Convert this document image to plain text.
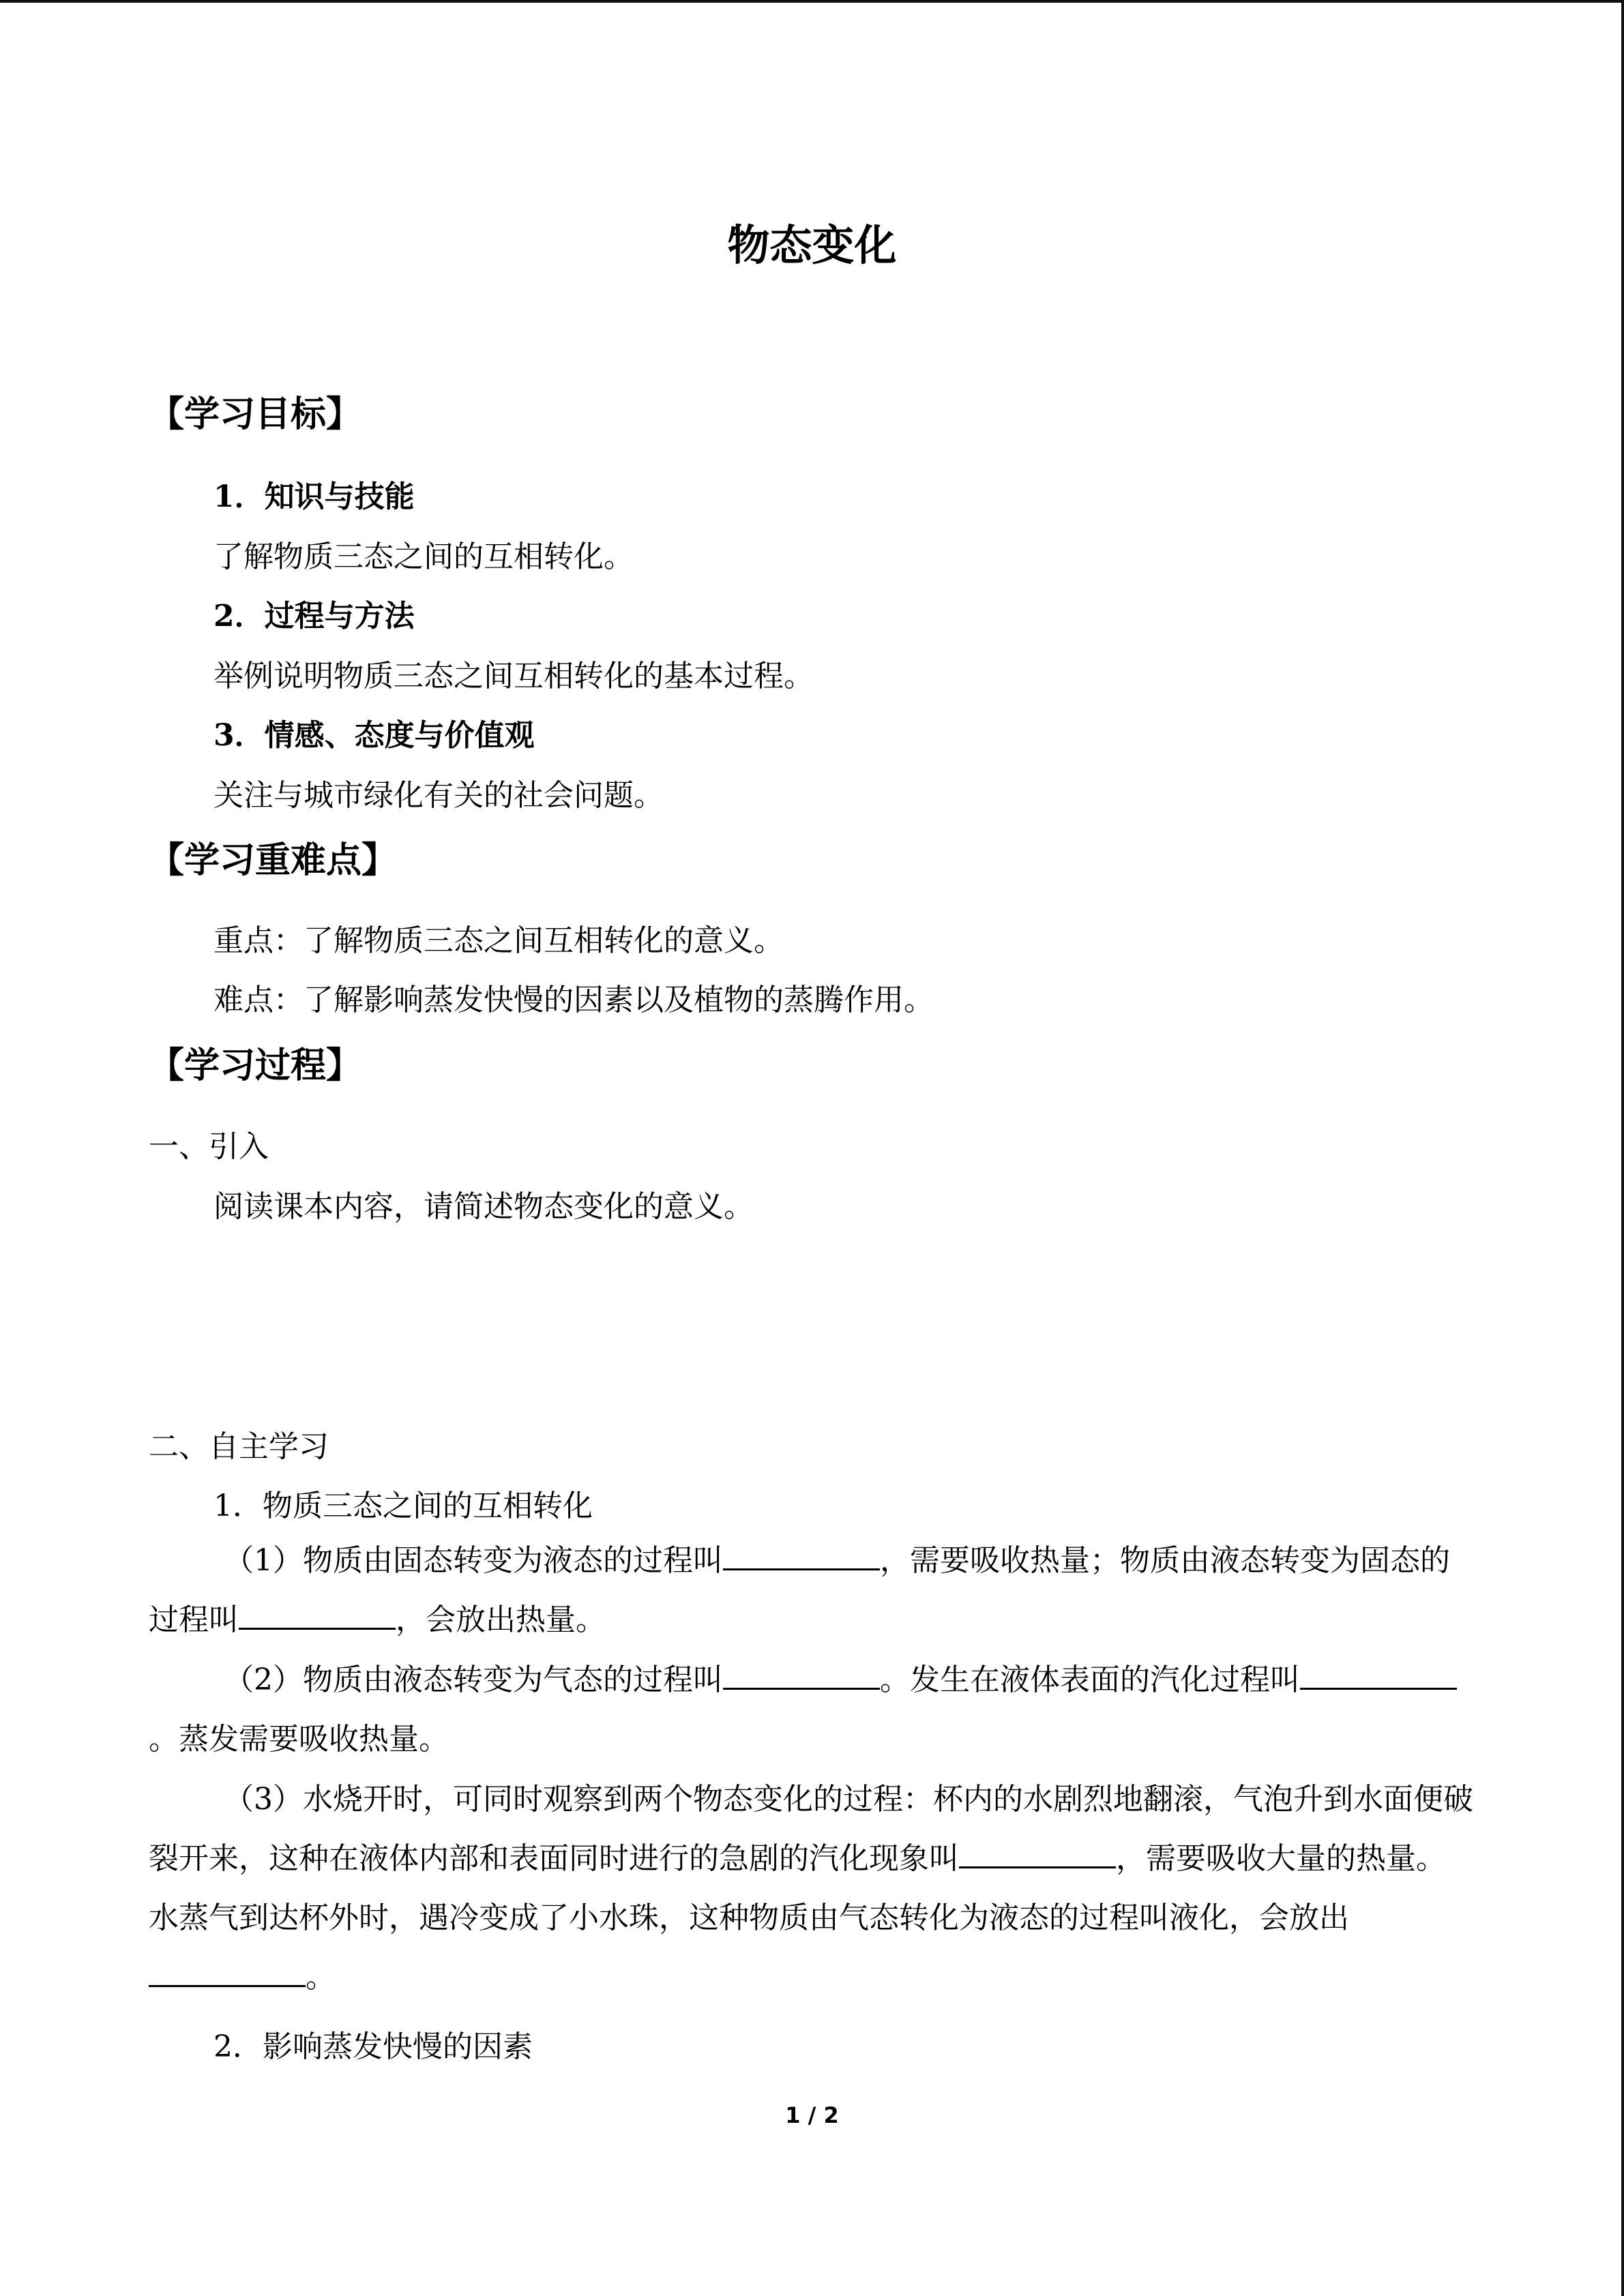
物态变化
【学习目标】
1．知识与技能
了解物质三态之间的互相转化。
2．过程与方法
举例说明物质三态之间互相转化的基本过程。
3．情感、态度与价值观
关注与城市绿化有关的社会问题。
【学习重难点】
重点：了解物质三态之间互相转化的意义。
难点：了解影响蒸发快慢的因素以及植物的蒸腾作用。
【学习过程】
一、引入
阅读课本内容，请简述物态变化的意义。
二、自主学习
1．物质三态之间的互相转化

（1）物质由固态转变为液态的过程叫	，需要吸收热量；物质由液态转变为固态的过程叫	，会放出热量。

（2）物质由液态转变为气态的过程叫	。发生在液体表面的汽化过程叫。蒸发需要吸收热量。

（3）水烧开时，可同时观察到两个物态变化的过程：杯内的水剧烈地翻滚，气泡升到水面便破裂开来，这种在液体内部和表面同时进行的急剧的汽化现象叫	，需要吸收大量的热量。水蒸气到达杯外时，遇冷变成了小水珠，这种物质由气态转化为液态的过程叫液化，会放出。

2．影响蒸发快慢的因素
1 / 2
